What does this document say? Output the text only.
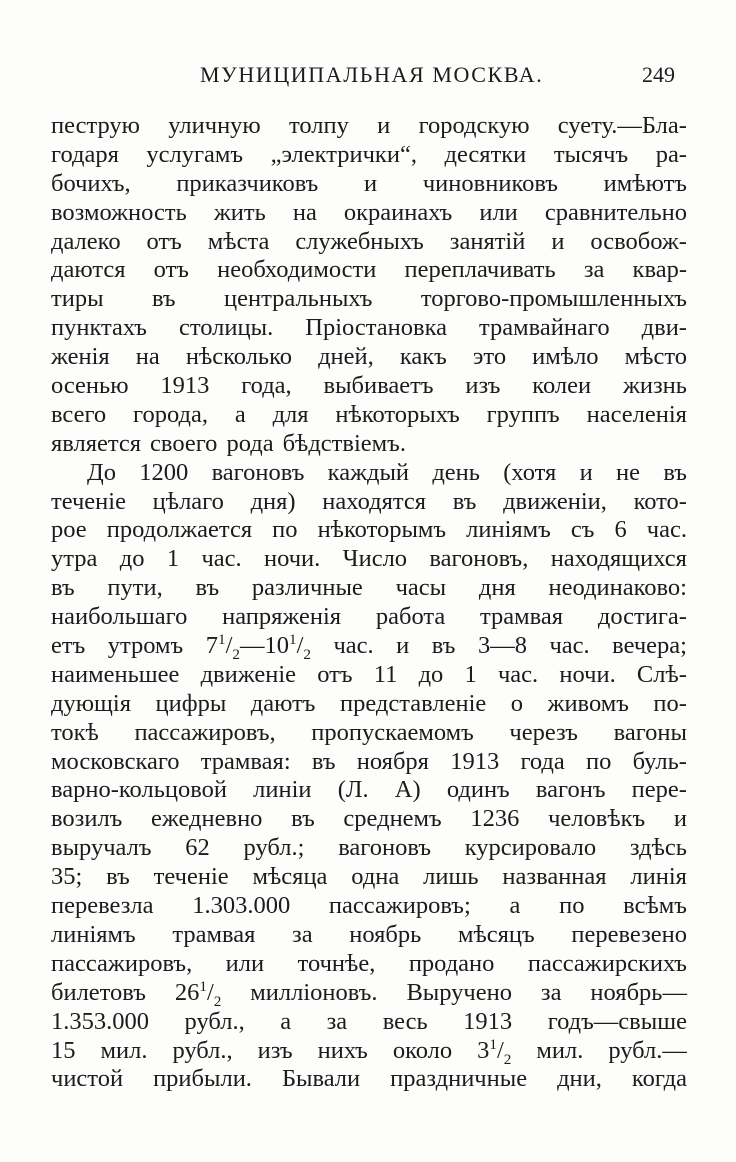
МУНИЦИПАЛЬНАЯ МОСКВА.	249
пеструю уличную толпу и городскую суету.—Бла-
годаря услугамъ „электрички“, десятки тысячъ ра-
бочихъ, приказчиковъ и чиновниковъ имѣютъ
возможность жить на окраинахъ или сравнительно
далеко отъ мѣста служебныхъ занятiй и освобож-
даются отъ необходимости переплачивать за квар-
тиры въ центральныхъ торгово-промышленныхъ
пунктахъ столицы. Прiостановка трамвайнаго дви-
женiя на нѣсколько дней, какъ это имѣло мѣсто
осенью 1913 года, выбиваетъ изъ колеи жизнь
всего города, а для нѣкоторыхъ группъ населенiя
является своего рода бѣдствiемъ.
До 1200 вагоновъ каждый день (хотя и не въ
теченiе цѣлаго дня) находятся въ движенiи, кото-
рое продолжается по нѣкоторымъ линiямъ съ 6 час.
утра до 1 час. ночи. Число вагоновъ, находящихся
въ пути, въ различные часы дня неодинаково:
наибольшаго напряженiя работа трамвая достига-
етъ утромъ $7^1/_2—10^1/_2$ час. и въ 3—8 час. вечера;
наименьшее движенiе отъ 11 до 1 час. ночи. Слѣ-
дующiя цифры даютъ представленiе о живомъ по-
токѣ пассажировъ, пропускаемомъ черезъ вагоны
московскаго трамвая: въ ноября 1913 года по буль-
варно-кольцовой линiи (Л. А) одинъ вагонъ пере-
возилъ ежедневно въ среднемъ 1236 человѣкъ и
выручалъ 62 рубл.; вагоновъ курсировало здѣсь
35; въ теченiе мѣсяца одна лишь названная линiя
перевезла 1.303.000 пассажировъ; а по всѣмъ
линiямъ трамвая за ноябрь мѣсяцъ перевезено
пассажировъ, или точнѣе, продано пассажирскихъ
билетовъ $26^1/_2$ миллiоновъ. Выручено за ноябрь—
1.353.000 рубл., а за весь 1913 годъ—свыше
15 мил. рубл., изъ нихъ около $3^1/_2$ мил. рубл.—
чистой прибыли. Бывали праздничные дни, когда
